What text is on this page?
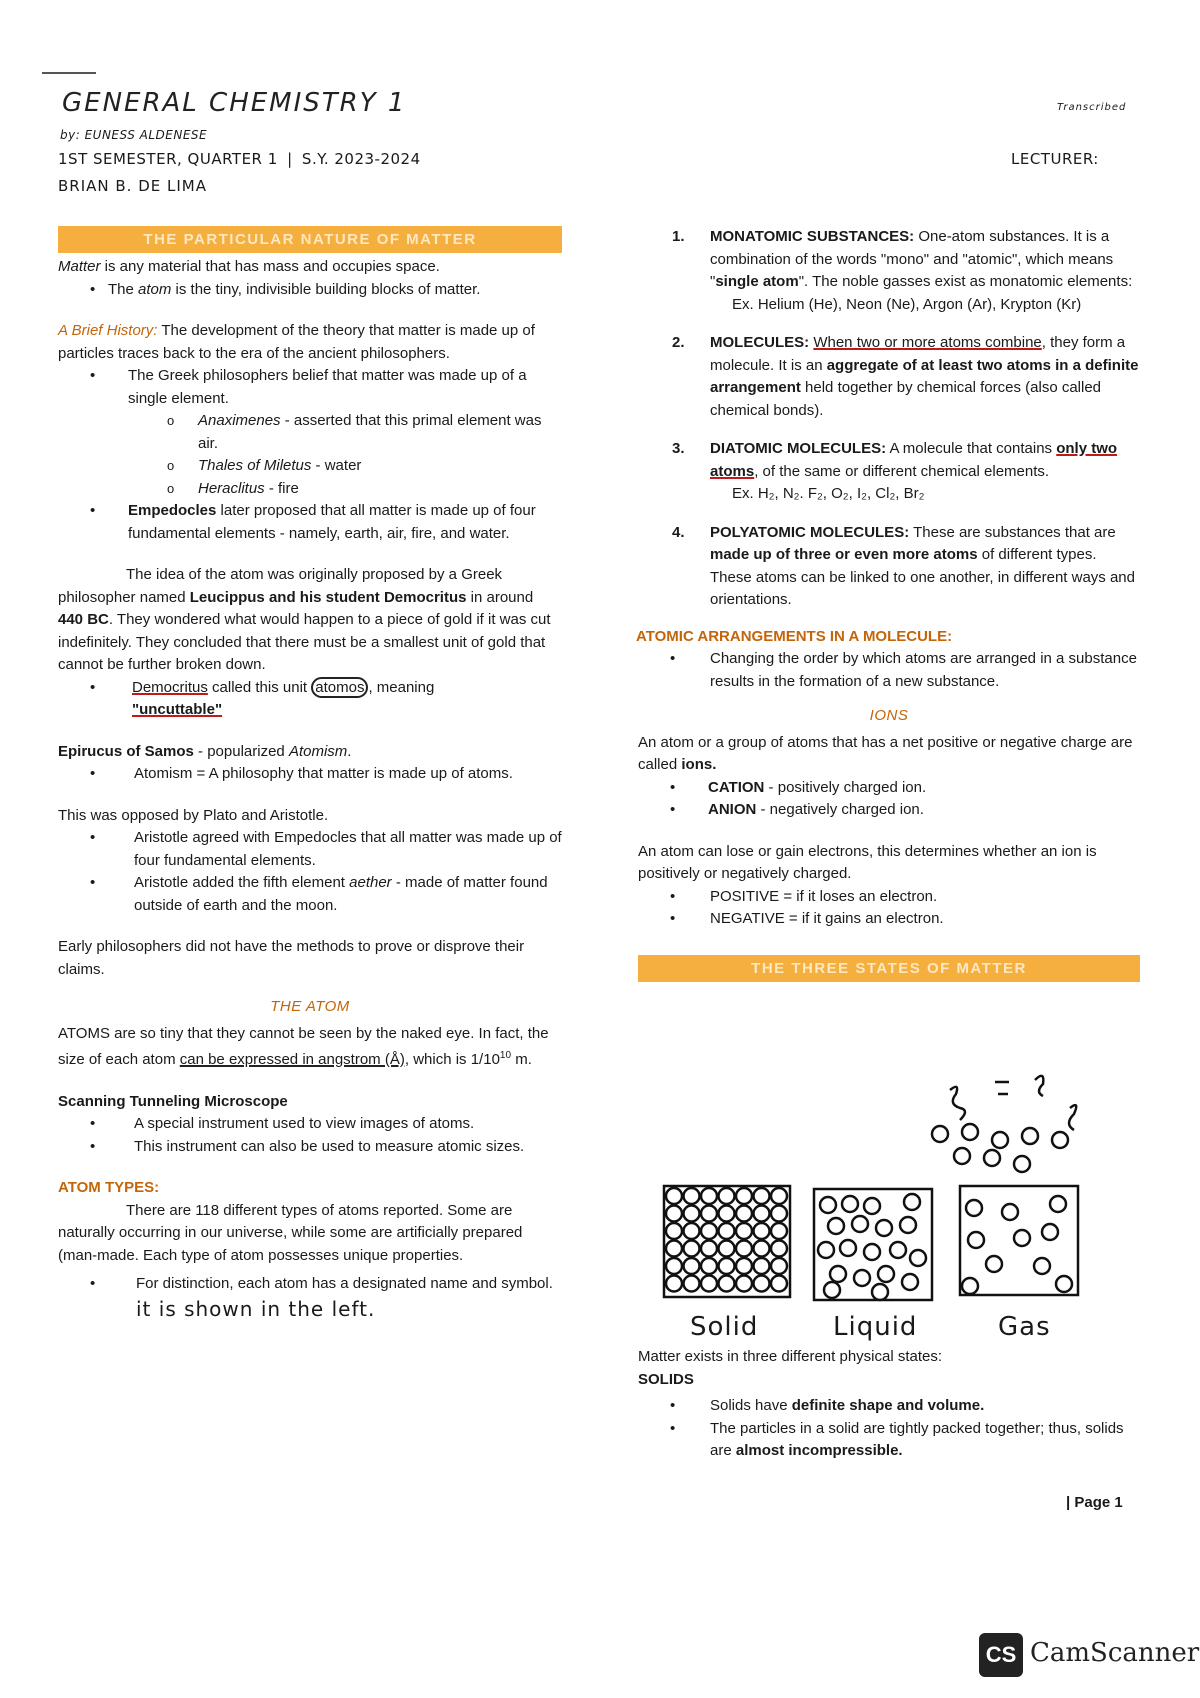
GENERAL CHEMISTRY 1
by: EUNESS ALDENESE
1ST SEMESTER, QUARTER 1 | S.Y. 2023-2024
BRIAN B. DE LIMA
LECTURER:
Transcribed
THE PARTICULAR NATURE OF MATTER

Matter is any material that has mass and occupies space.

• The atom is the tiny, indivisible building blocks of matter.

A Brief History: The development of the theory that matter is made up of particles traces back to the era of the ancient philosophers.

• The Greek philosophers belief that matter was made up of a single element.
o Anaximenes - asserted that this primal element was air.
o Thales of Miletus - water
o Heraclitus - fire
• Empedocles later proposed that all matter is made up of four fundamental elements - namely, earth, air, fire, and water.

The idea of the atom was originally proposed by a Greek philosopher named Leucippus and his student Democritus in around 440 BC. They wondered what would happen to a piece of gold if it was cut indefinitely. They concluded that there must be a smallest unit of gold that cannot be further broken down.

• Democritus called this unit atomos , meaning
"uncuttable"

Epirucus of Samos - popularized Atomism.

• Atomism = A philosophy that matter is made up of atoms.

This was opposed by Plato and Aristotle.

• Aristotle agreed with Empedocles that all matter was made up of four fundamental elements.
• Aristotle added the fifth element aether - made of matter found outside of earth and the moon.

Early philosophers did not have the methods to prove or disprove their claims.

THE ATOM

ATOMS are so tiny that they cannot be seen by the naked eye. In fact, the size of each atom can be expressed in angstrom (Å), which is $1/10^{10}$ m.

Scanning Tunneling Microscope

• A special instrument used to view images of atoms.
• This instrument can also be used to measure atomic sizes.

ATOM TYPES:

There are 118 different types of atoms reported. Some are naturally occurring in our universe, while some are artificially prepared (man-made. Each type of atom possesses unique properties.

• For distinction, each atom has a designated name and symbol.
it is shown in the left.
1. MONATOMIC SUBSTANCES: One-atom substances. It is a combination of the words "mono" and "atomic", which means "single atom". The noble gasses exist as monatomic elements:
Ex. Helium (He), Neon (Ne), Argon (Ar), Krypton (Kr)
2. MOLECULES: When two or more atoms combine, they form a molecule. It is an aggregate of at least two atoms in a definite arrangement held together by chemical forces (also called chemical bonds).
3. DIATOMIC MOLECULES: A molecule that contains only two atoms, of the same or different chemical elements.
Ex. H₂, N₂. F₂, O₂, I₂, Cl₂, Br₂
4. POLYATOMIC MOLECULES: These are substances that are made up of three or even more atoms of different types. These atoms can be linked to one another, in different ways and orientations.

ATOMIC ARRANGEMENTS IN A MOLECULE:

• Changing the order by which atoms are arranged in a substance results in the formation of a new substance.
IONS

An atom or a group of atoms that has a net positive or negative charge are called ions.

• CATION - positively charged ion.
• ANION - negatively charged ion.

An atom can lose or gain electrons, this determines whether an ion is positively or negatively charged.

• POSITIVE = if it loses an electron.
• NEGATIVE = if it gains an electron.
THE THREE STATES OF MATTER
Solid	Liquid	Gas

Matter exists in three different physical states:

SOLIDS

• Solids have definite shape and volume.
• The particles in a solid are tightly packed together; thus, solids are almost incompressible.
| Page 1
CS CamScanner
